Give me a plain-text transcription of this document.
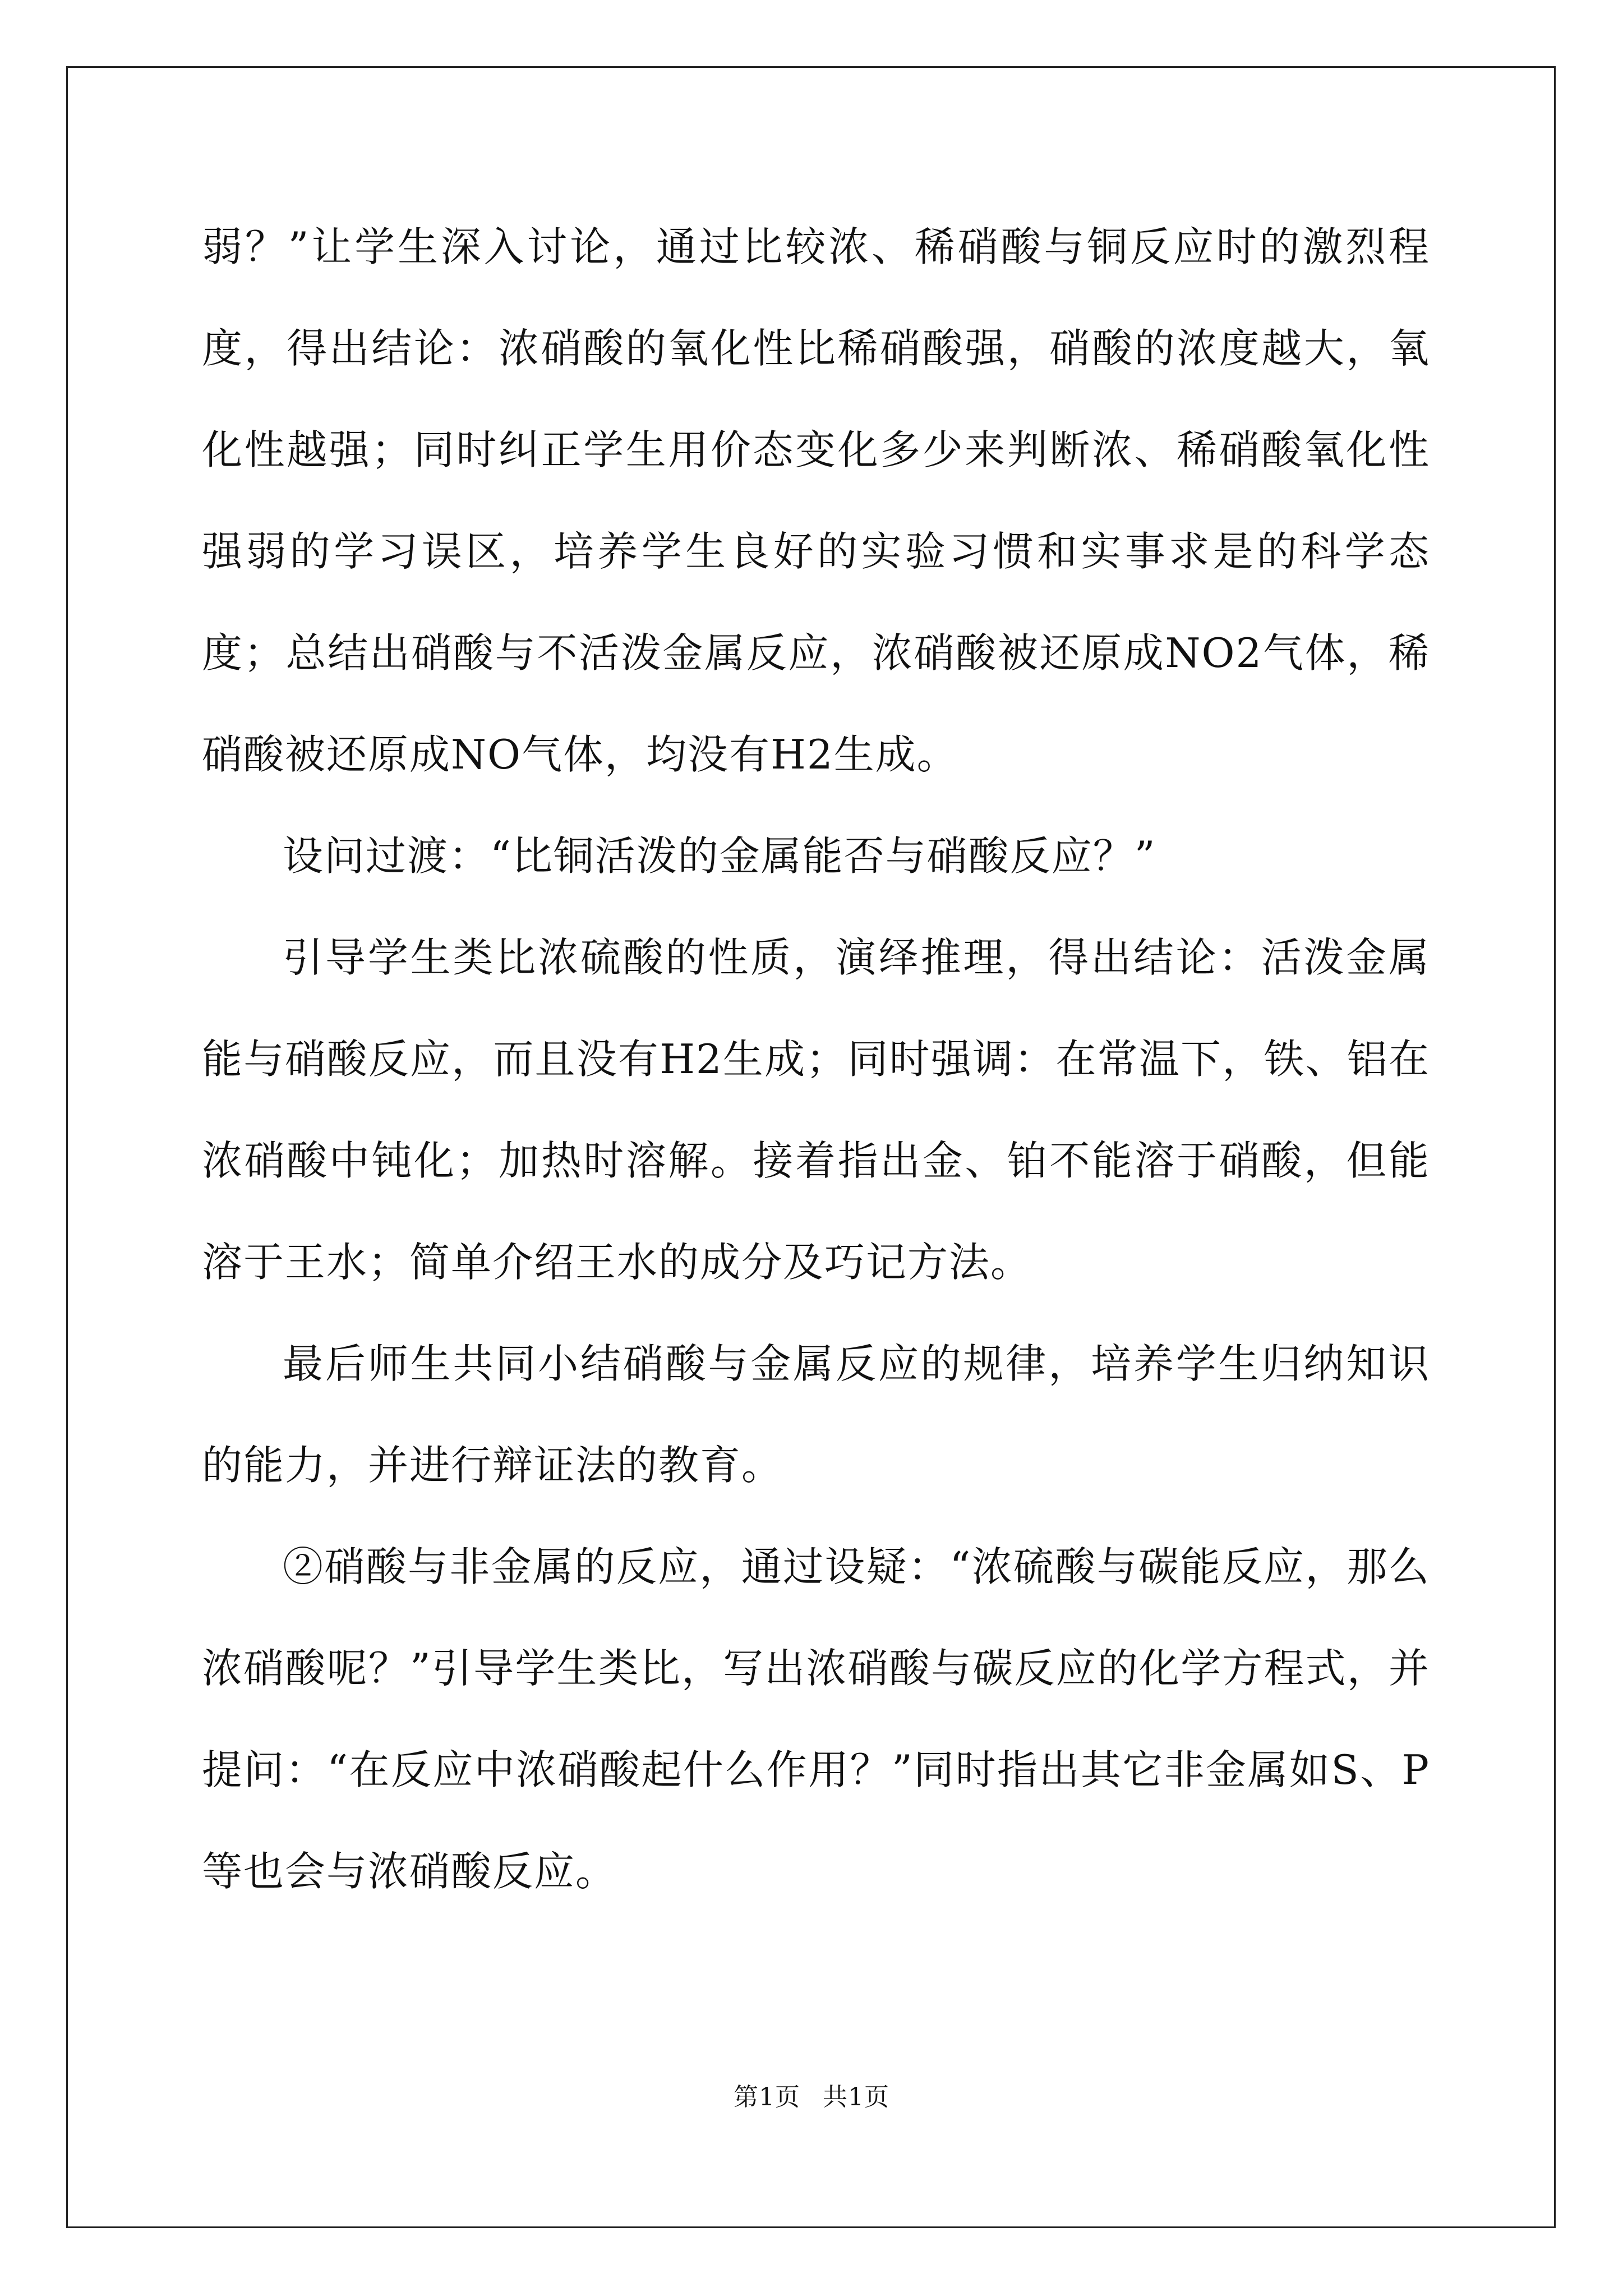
弱？”让学生深入讨论，通过比较浓、稀硝酸与铜反应时的激烈程度，得出结论：浓硝酸的氧化性比稀硝酸强，硝酸的浓度越大，氧化性越强；同时纠正学生用价态变化多少来判断浓、稀硝酸氧化性强弱的学习误区，培养学生良好的实验习惯和实事求是的科学态度；总结出硝酸与不活泼金属反应，浓硝酸被还原成NO2气体，稀硝酸被还原成NO气体，均没有H2生成。

设问过渡：“比铜活泼的金属能否与硝酸反应？”

引导学生类比浓硫酸的性质，演绎推理，得出结论：活泼金属能与硝酸反应，而且没有H2生成；同时强调：在常温下，铁、铝在浓硝酸中钝化；加热时溶解。接着指出金、铂不能溶于硝酸，但能溶于王水；简单介绍王水的成分及巧记方法。

最后师生共同小结硝酸与金属反应的规律，培养学生归纳知识的能力，并进行辩证法的教育。

②硝酸与非金属的反应，通过设疑：“浓硫酸与碳能反应，那么浓硝酸呢？”引导学生类比，写出浓硝酸与碳反应的化学方程式，并提问：“在反应中浓硝酸起什么作用？”同时指出其它非金属如S、P等也会与浓硝酸反应。

第1页 共1页
